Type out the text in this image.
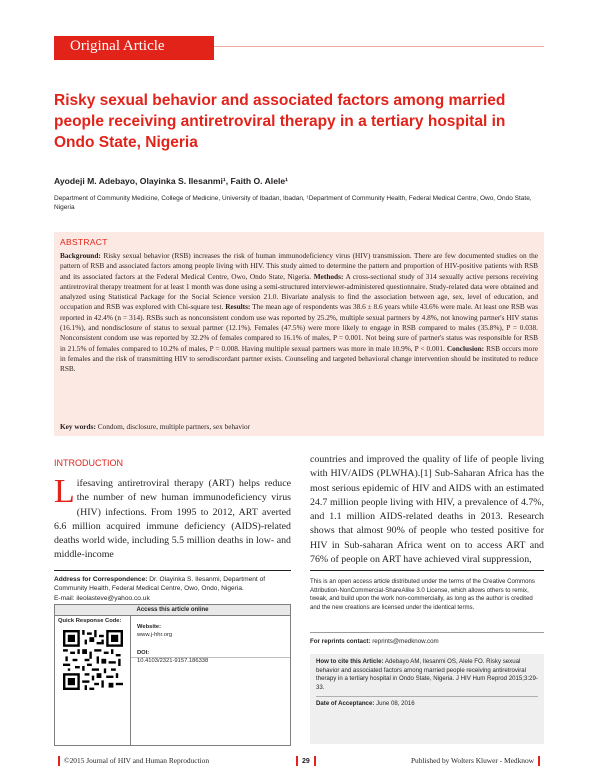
Original Article
Risky sexual behavior and associated factors among married people receiving antiretroviral therapy in a tertiary hospital in Ondo State, Nigeria
Ayodeji M. Adebayo, Olayinka S. Ilesanmi¹, Faith O. Alele¹
Department of Community Medicine, College of Medicine, University of Ibadan, Ibadan, ¹Department of Community Health, Federal Medical Centre, Owo, Ondo State, Nigeria
ABSTRACT

Background: Risky sexual behavior (RSB) increases the risk of human immunodeficiency virus (HIV) transmission. There are few documented studies on the pattern of RSB and associated factors among people living with HIV. This study aimed to determine the pattern and proportion of HIV-positive patients with RSB and its associated factors at the Federal Medical Centre, Owo, Ondo State, Nigeria. Methods: A cross-sectional study of 314 sexually active persons receiving antiretroviral therapy treatment for at least 1 month was done using a semi-structured interviewer-administered questionnaire. Study-related data were obtained and analyzed using Statistical Package for the Social Science version 21.0. Bivariate analysis to find the association between age, sex, level of education, and occupation and RSB was explored with Chi-square test. Results: The mean age of respondents was 38.6 ± 8.6 years while 43.6% were male. At least one RSB was reported in 42.4% (n = 314). RSBs such as nonconsistent condom use was reported by 25.2%, multiple sexual partners by 4.8%, not knowing partner's HIV status (16.1%), and nondisclosure of status to sexual partner (12.1%). Females (47.5%) were more likely to engage in RSB compared to males (35.8%), P = 0.038. Nonconsistent condom use was reported by 32.2% of females compared to 16.1% of males, P = 0.001. Not being sure of partner's status was responsible for RSB in 21.5% of females compared to 10.2% of males, P = 0.008. Having multiple sexual partners was more in male 10.9%, P < 0.001. Conclusion: RSB occurs more in females and the risk of transmitting HIV to serodiscordant partner exists. Counseling and targeted behavioral change intervention should be instituted to reduce RSB.

Key words: Condom, disclosure, multiple partners, sex behavior

INTRODUCTION

Lifesaving antiretroviral therapy (ART) helps reduce the number of new human immunodeficiency virus (HIV) infections. From 1995 to 2012, ART averted 6.6 million acquired immune deficiency (AIDS)-related deaths world wide, including 5.5 million deaths in low- and middle-income

countries and improved the quality of life of people living with HIV/AIDS (PLWHA).[1] Sub-Saharan Africa has the most serious epidemic of HIV and AIDS with an estimated 24.7 million people living with HIV, a prevalence of 4.7%, and 1.1 million AIDS-related deaths in 2013. Research shows that almost 90% of people who tested positive for HIV in Sub-saharan Africa went on to access ART and 76% of people on ART have achieved viral suppression,

Address for Correspondence: Dr. Olayinka S. Ilesanmi, Department of Community Health, Federal Medical Centre, Owo, Ondo, Nigeria.
E-mail: ileolasteve@yahoo.co.uk
Access this article online
Quick Response Code:
Website:
www.j-hhr.org
DOI:
10.4103/2321-9157.186338
This is an open access article distributed under the terms of the Creative Commons Attribution-NonCommercial-ShareAlike 3.0 License, which allows others to remix, tweak, and build upon the work non-commercially, as long as the author is credited and the new creations are licensed under the identical terms.
For reprints contact: reprints@medknow.com
How to cite this Article: Adebayo AM, Ilesanmi OS, Alele FO. Risky sexual behavior and associated factors among married people receiving antiretroviral therapy in a tertiary hospital in Ondo State, Nigeria. J HIV Hum Reprod 2015;3:29-33.
Date of Acceptance: June 08, 2016
©2015 Journal of HIV and Human Reproduction	29	Published by Wolters Kluwer - Medknow
